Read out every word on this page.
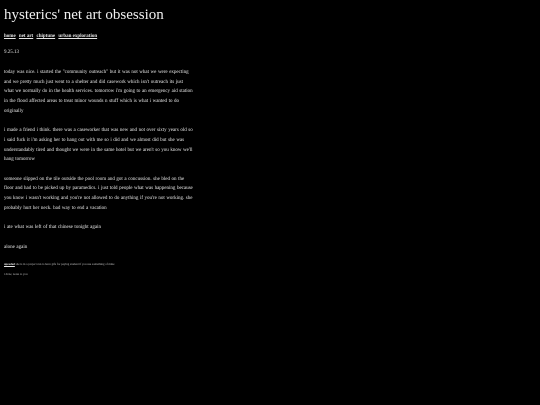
hysterics' net art obsession
home net art chiptune urban exploration
9.25.13

today was nice. i started the "community outreach" but it was not what we were expecting and we pretty much just went to a shelter and did casework which isn't outreach its just what we normally do in the health services. tomorrow i'm going to an emergency aid station in the flood affected areas to treat minor wounds n stuff which is what i wanted to do originally

i made a friend i think. there was a caseworker that was new and not over sixty years old so i said fuck it i'm asking her to hang out with me so i did and we almost did but she was understandably tired and thought we were in the same hotel but we aren't so you know we'll hang tomorrow

someone slipped on the tile outside the pool room and got a concussion. she bled on the floor and had to be picked up by paramedics. i just told people what was happening because you know i wasn't working and you're not allowed to do anything if you're not working. she probably hurt her neck. bad way to end a vacation

i ate what was left of that chinese tonight again

alone again

upcoded she is in a project run to have gifs for paying student if you use something of mine
i draw, notes to you
